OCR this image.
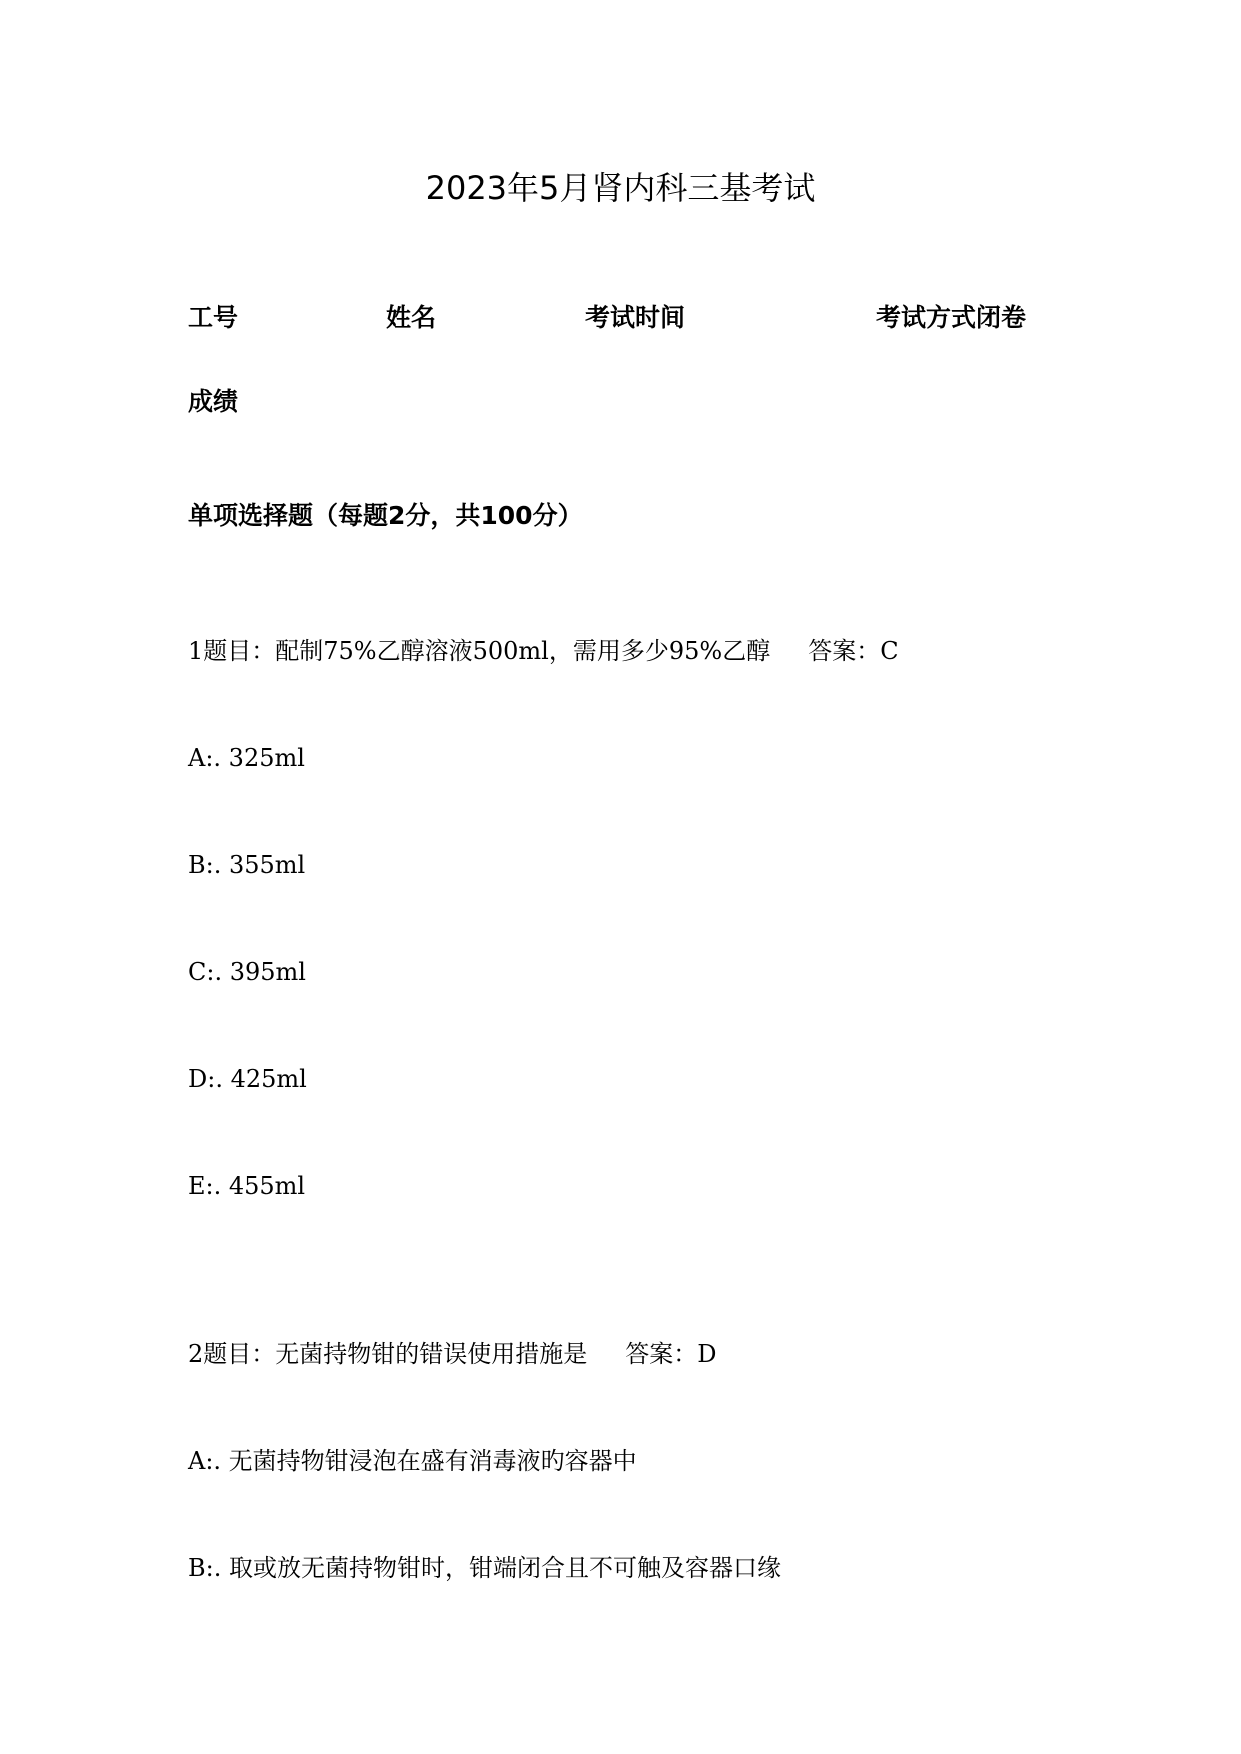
2023年5月肾内科三基考试
工号	姓名	考试时间	考试方式闭卷
成绩
单项选择题（每题2分，共100分）
1题目：配制75%乙醇溶液500ml，需用多少95%乙醇 答案：C
A:. 325ml
B:. 355ml
C:. 395ml
D:. 425ml
E:. 455ml
2题目：无菌持物钳的错误使用措施是 答案：D
A:. 无菌持物钳浸泡在盛有消毒液旳容器中
B:. 取或放无菌持物钳时，钳端闭合且不可触及容器口缘
